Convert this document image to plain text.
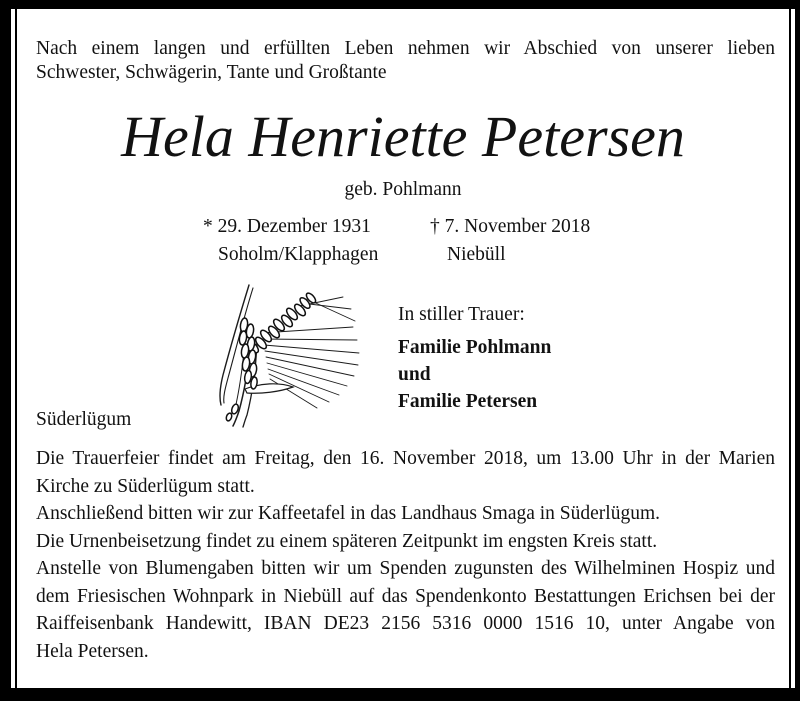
Nach einem langen und erfüllten Leben nehmen wir Abschied von unserer lieben
Schwester, Schwägerin, Tante und Großtante
Hela Henriette Petersen
geb. Pohlmann
* 29. Dezember 1931
Soholm/Klapphagen
† 7. November 2018
Niebüll
In stiller Trauer:
Familie Pohlmann
und
Familie Petersen
Süderlügum
Die Trauerfeier findet am Freitag, den 16. November 2018, um 13.00 Uhr in der Marien
Kirche zu Süderlügum statt.
Anschließend bitten wir zur Kaffeetafel in das Landhaus Smaga in Süderlügum.
Die Urnenbeisetzung findet zu einem späteren Zeitpunkt im engsten Kreis statt.
Anstelle von Blumengaben bitten wir um Spenden zugunsten des Wilhelminen Hospiz und
dem Friesischen Wohnpark in Niebüll auf das Spendenkonto Bestattungen Erichsen bei der
Raiffeisenbank Handewitt, IBAN DE23 2156 5316 0000 1516 10, unter Angabe von
Hela Petersen.
